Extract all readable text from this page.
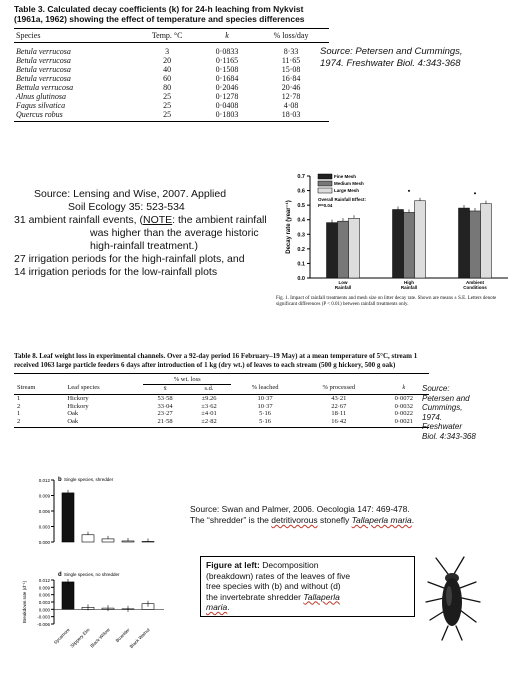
Table 3. Calculated decay coefficients (k) for 24-h leaching from Nykvist (1961a, 1962) showing the effect of temperature and species differences
Species	Temp. °C	k	% loss/day
Betula verrucosa	3	0·0833	8·33
Betula verrucosa	20	0·1165	11·65
Betula verrucosa	40	0·1508	15·08
Betula verrucosa	60	0·1684	16·84
Bettula verrucosa	80	0·2046	20·46
Alnus glutinosa	25	0·1278	12·78
Fagus silvatica	25	0·0408	4·08
Quercus robus	25	0·1803	18·03
Source: Petersen and Cummings,
1974. Freshwater Biol. 4:343-368
Source: Lensing and Wise, 2007. Applied
Soil Ecology 35: 523-534
31 ambient rainfall events, (NOTE: the ambient rainfall
was higher than the average historic
high-rainfall treatment.)
27 irrigation periods for the high-rainfall plots, and
14 irrigation periods for the low-rainfall plots
0.0
0.1
0.2
0.3
0.4
0.5
0.6
0.7
Decay rate (year⁻¹)
Fine Mesh
Medium Mesh
Large Mesh
Overall Rainfall Effect:
P=0.04
Low
Rainfall
▪
High
Rainfall
▪
Ambient
Conditions
Fig. 1. Impact of rainfall treatments and mesh size on litter decay rate. Shown are means ± S.E. Letters denote significant differences (P < 0.01) between rainfall treatments only.
Table 8. Leaf weight loss in experimental channels. Over a 92-day period 16 February–19 May) at a mean temperature of 5°C, stream 1 received 1063 large particle feeders 6 days after introduction of 1 kg (dry wt.) of leaves to each stream (500 g hickory, 500 g oak)
		% wt. loss				
Stream	Leaf species	x̄	s.d.	% leached	% processed	k
1	Hickory	53·58	±9.26	10·37	43·21	0·0072
2	Hickory	33·04	±3·62	10·37	22·67	0·0032
1	Oak	23·27	±4·01	5·16	18·11	0·0022
2	Oak	21·58	±2·82	5·16	16·42	0·0021
Source:
Petersen and
Cummings,
1974.
Freshwater
Biol. 4:343-368
b Single species, shredder
0.012
0.009
0.006
0.003
0.000
Source: Swan and Palmer, 2006. Oecologia 147: 469-478.
The “shredder” is the detritivorous stonefly Tallaperla maria.
Figure at left: Decomposition
(breakdown) rates of the leaves of five
tree species with (b) and without (d)
the invertebrate shredder Tallaperla
maria.
d Single species, no shredder
Breakdown rate (d⁻¹)
0.012
0.009
0.006
0.003
0.000
-0.003
-0.006
Sycamore
Slippery Elm
Black Willow Boxelder
Black Walnut
